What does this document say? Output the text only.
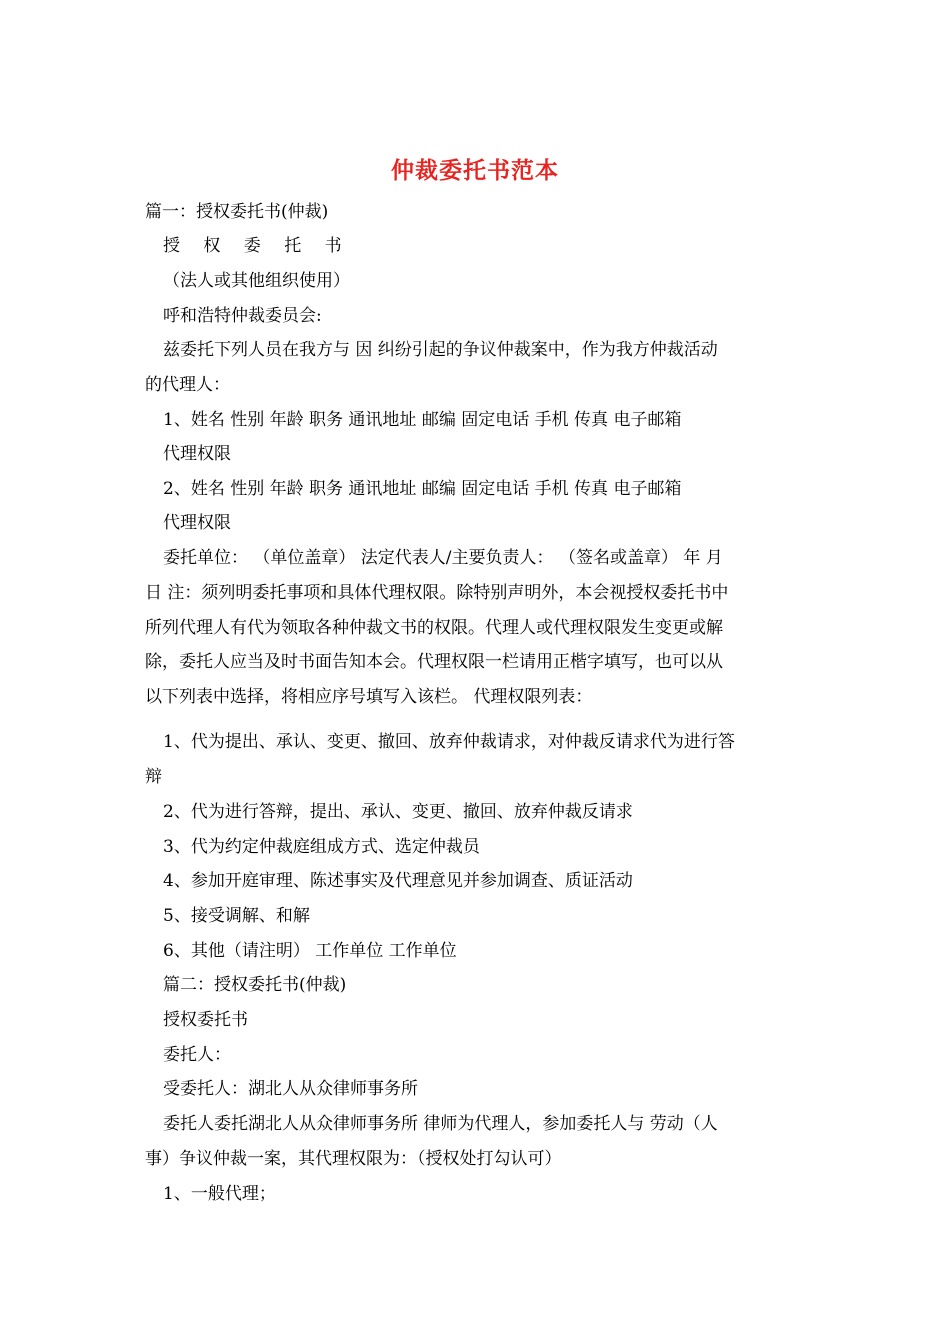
仲裁委托书范本
篇一：授权委托书(仲裁)
授 权 委 托 书
（法人或其他组织使用）
呼和浩特仲裁委员会:
兹委托下列人员在我方与 因 纠纷引起的争议仲裁案中，作为我方仲裁活动
的代理人：
1、姓名 性别 年龄 职务 通讯地址 邮编 固定电话 手机 传真 电子邮箱
代理权限
2、姓名 性别 年龄 职务 通讯地址 邮编 固定电话 手机 传真 电子邮箱
代理权限
委托单位： （单位盖章） 法定代表人/主要负责人： （签名或盖章） 年 月
日 注：须列明委托事项和具体代理权限。除特别声明外，本会视授权委托书中
所列代理人有代为领取各种仲裁文书的权限。代理人或代理权限发生变更或解
除，委托人应当及时书面告知本会。代理权限一栏请用正楷字填写，也可以从
以下列表中选择，将相应序号填写入该栏。 代理权限列表：
1、代为提出、承认、变更、撤回、放弃仲裁请求，对仲裁反请求代为进行答
辩
2、代为进行答辩，提出、承认、变更、撤回、放弃仲裁反请求
3、代为约定仲裁庭组成方式、选定仲裁员
4、参加开庭审理、陈述事实及代理意见并参加调查、质证活动
5、接受调解、和解
6、其他（请注明） 工作单位 工作单位
篇二：授权委托书(仲裁)
授权委托书
委托人：
受委托人：湖北人从众律师事务所
委托人委托湖北人从众律师事务所 律师为代理人，参加委托人与 劳动（人
事）争议仲裁一案，其代理权限为：（授权处打勾认可）
1、一般代理；
